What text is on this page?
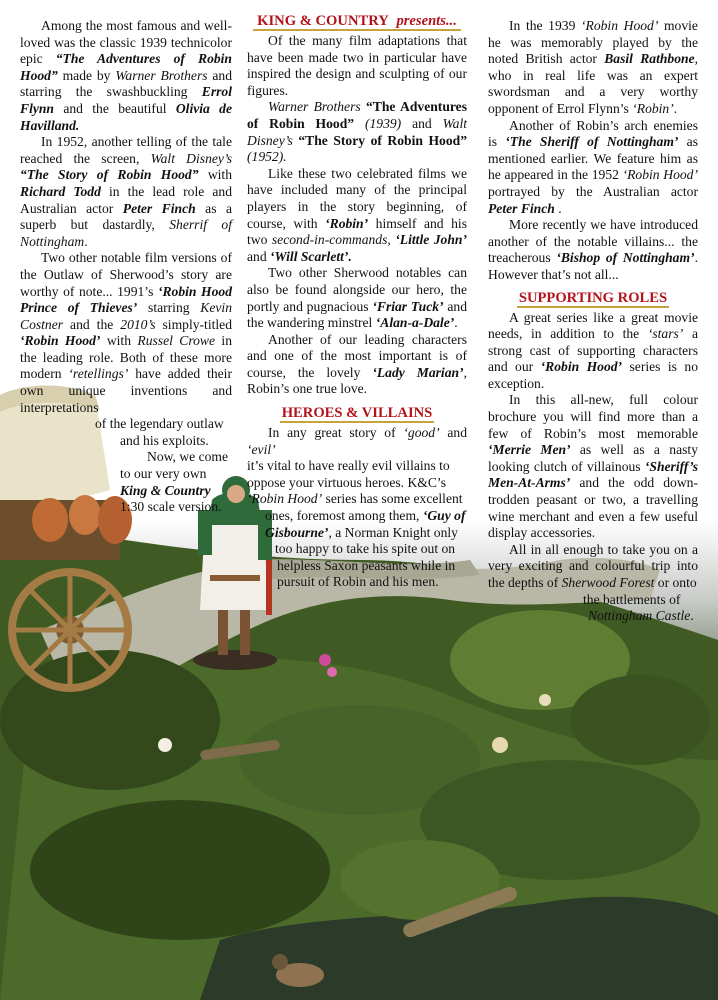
Among the most famous and well-loved was the classic 1939 technicolor epic “The Adventures of Robin Hood” made by Warner Brothers and starring the swashbuckling Errol Flynn and the beautiful Olivia de Havilland.

In 1952, another telling of the tale reached the screen, Walt Disney’s “The Story of Robin Hood” with Richard Todd in the lead role and Australian actor Peter Finch as a superb but dastardly, Sherrif of Nottingham.

Two other notable film versions of the Outlaw of Sherwood’s story are worthy of note... 1991’s ‘Robin Hood Prince of Thieves’ starring Kevin Costner and the 2010’s simply-titled ‘Robin Hood’ with Russel Crowe in the leading role. Both of these more modern ‘retellings’ have added their own unique inventions and interpretations

of the legendary outlaw
and his exploits.
Now, we come
to our very own
King & Country
1:30 scale version.
KING & COUNTRY presents...

Of the many film adaptations that have been made two in particular have inspired the design and sculpting of our figures.

Warner Brothers “The Adventures of Robin Hood” (1939) and Walt Disney’s “The Story of Robin Hood” (1952).

Like these two celebrated films we have included many of the principal players in the story beginning, of course, with ‘Robin’ himself and his two second-in-commands, ‘Little John’ and ‘Will Scarlett’.

Two other Sherwood notables can also be found alongside our hero, the portly and pugnacious ‘Friar Tuck’ and the wandering minstrel ‘Alan-a-Dale’.

Another of our leading characters and one of the most important is of course, the lovely ‘Lady Marian’, Robin’s one true love.

HEROES & VILLAINS

In any great story of ‘good’ and ‘evil’

it’s vital to have really evil villains to
oppose your virtuous heroes. K&C’s
‘Robin Hood’ series has some excellent
ones, foremost among them, ‘Guy of
Gisbourne’, a Norman Knight only
too happy to take his spite out on
helpless Saxon peasants while in
pursuit of Robin and his men.

In the 1939 ‘Robin Hood’ movie he was memorably played by the noted British actor Basil Rathbone, who in real life was an expert swordsman and a very worthy opponent of Errol Flynn’s ‘Robin’.

Another of Robin’s arch enemies is ‘The Sheriff of Nottingham’ as mentioned earlier. We feature him as he appeared in the 1952 ‘Robin Hood’ portrayed by the Australian actor Peter Finch .

More recently we have introduced another of the notable villains... the treacherous ‘Bishop of Nottingham’. However that’s not all...

SUPPORTING ROLES

A great series like a great movie needs, in addition to the ‘stars’ a strong cast of supporting characters and our ‘Robin Hood’ series is no exception.

In this all-new, full colour brochure you will find more than a few of Robin’s most memorable ‘Merrie Men’ as well as a nasty looking clutch of villainous ‘Sheriff’s Men-At-Arms’ and the odd down-trodden peasant or two, a travelling wine merchant and even a few useful display accessories.

All in all enough to take you on a very exciting and colourful trip into the depths of Sherwood Forest or onto

the battlements of
Nottingham Castle.
